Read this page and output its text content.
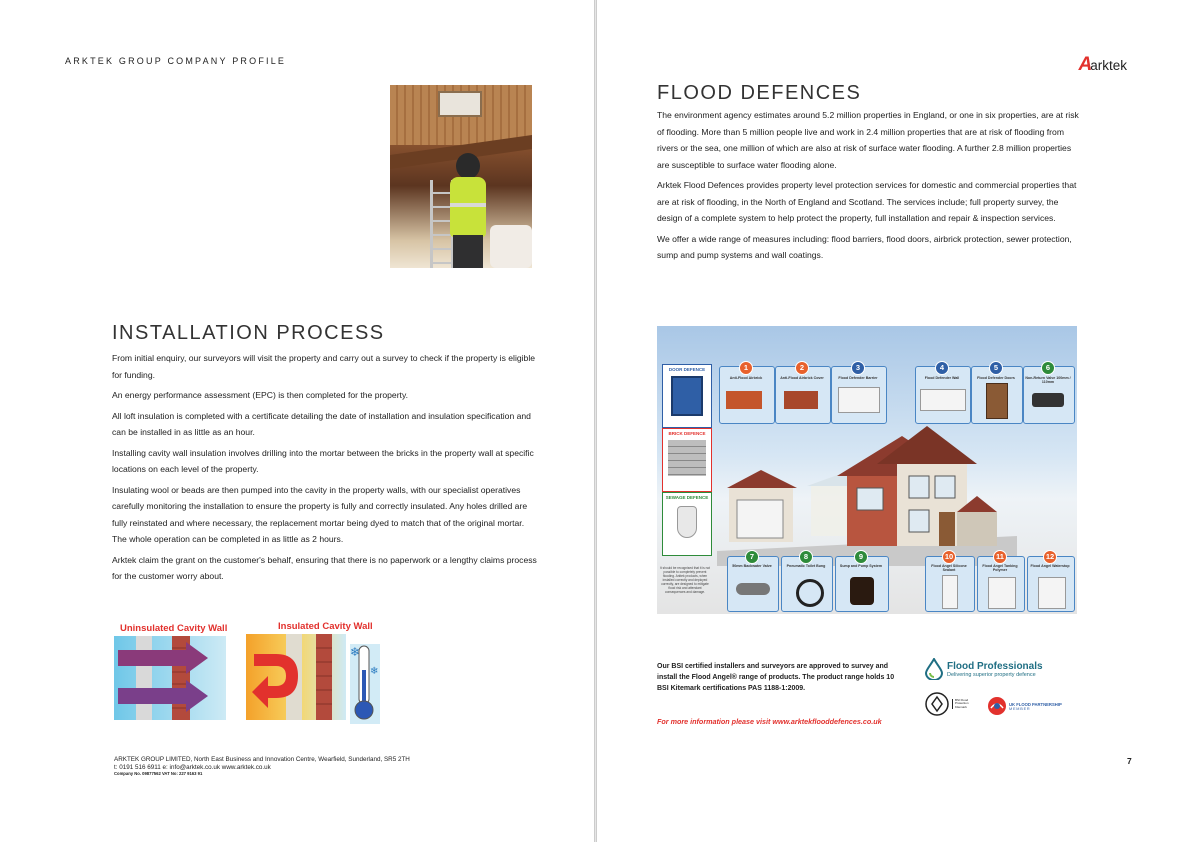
ARKTEK GROUP COMPANY PROFILE
INSTALLATION PROCESS

From initial enquiry, our surveyors will visit the property and carry out a survey to check if the property is eligible for funding.

An energy performance assessment (EPC) is then completed for the property.

All loft insulation is completed with a certificate detailing the date of installation and insulation specification and can be installed in as little as an hour.

Installing cavity wall insulation involves drilling into the mortar between the bricks in the property wall at specific locations on each level of the property.

Insulating wool or beads are then pumped into the cavity in the property walls, with our specialist operatives carefully monitoring the installation to ensure the property is fully and correctly insulated. Any holes drilled are fully reinstated and where necessary, the replacement mortar being dyed to match that of the original mortar. The whole operation can be completed in as little as 2 hours.

Arktek claim the grant on the customer's behalf, ensuring that there is no paperwork or a lengthy claims process for the customer worry about.

Uninsulated Cavity Wall	Insulated Cavity Wall
❄
❄
ARKTEK GROUP LIMITED, North East Business and Innovation Centre, Wearfield, Sunderland, SR5 2TH
t: 0191 516 6911 e: info@arktek.co.uk www.arktek.co.uk
Company No. 09877562 VAT No: 227 9163 91
A
arktek
FLOOD DEFENCES

The environment agency estimates around 5.2 million properties in England, or one in six properties, are at risk of flooding. More than 5 million people live and work in 2.4 million properties that are at risk of flooding from rivers or the sea, one million of which are also at risk of surface water flooding. A further 2.8 million properties are susceptible to surface water flooding alone.

Arktek Flood Defences provides property level protection services for domestic and commercial properties that are at risk of flooding, in the North of England and Scotland. The services include; full property survey, the design of a complete system to help protect the property, full installation and repair & inspection services.

We offer a wide range of measures including: flood barriers, flood doors, airbrick protection, sewer protection, sump and pump systems and wall coatings.

DOOR DEFENCE
BRICK DEFENCE
SEWAGE DEFENCE
It should be recognised that it is not possible to completely prevent flooding. Arktek products, when installed correctly and deployed correctly, are designed to mitigate flood risk and attendant consequences and damage.
1	2	3	4	5	6
Anti-Flood Airbrick	Anti-Flood Airbrick Cover	Flood Defender Barrier	Flood Defender Wall	Flood Defender Doors	Non-Return Valve 100mm / 110mm
7	8	9	10	11	12
50mm Backwater Valve	Pneumatic Toilet Bung	Sump and Pump System	Flood Angel Silicone Sealant
Flood Angel Tanking Polymer
Flood Angel Waterstop
Our BSI certified installers and surveyors are approved to survey and install the Flood Angel® range of products. The product range holds 10 BSI Kitemark certifications PAS 1188-1:2009.
For more information please visit www.arktekflooddefences.co.uk
Flood Professionals
Delivering superior property defence
BSI Flood Protection Kitemark
UK FLOOD PARTNERSHIP
MEMBER
7
